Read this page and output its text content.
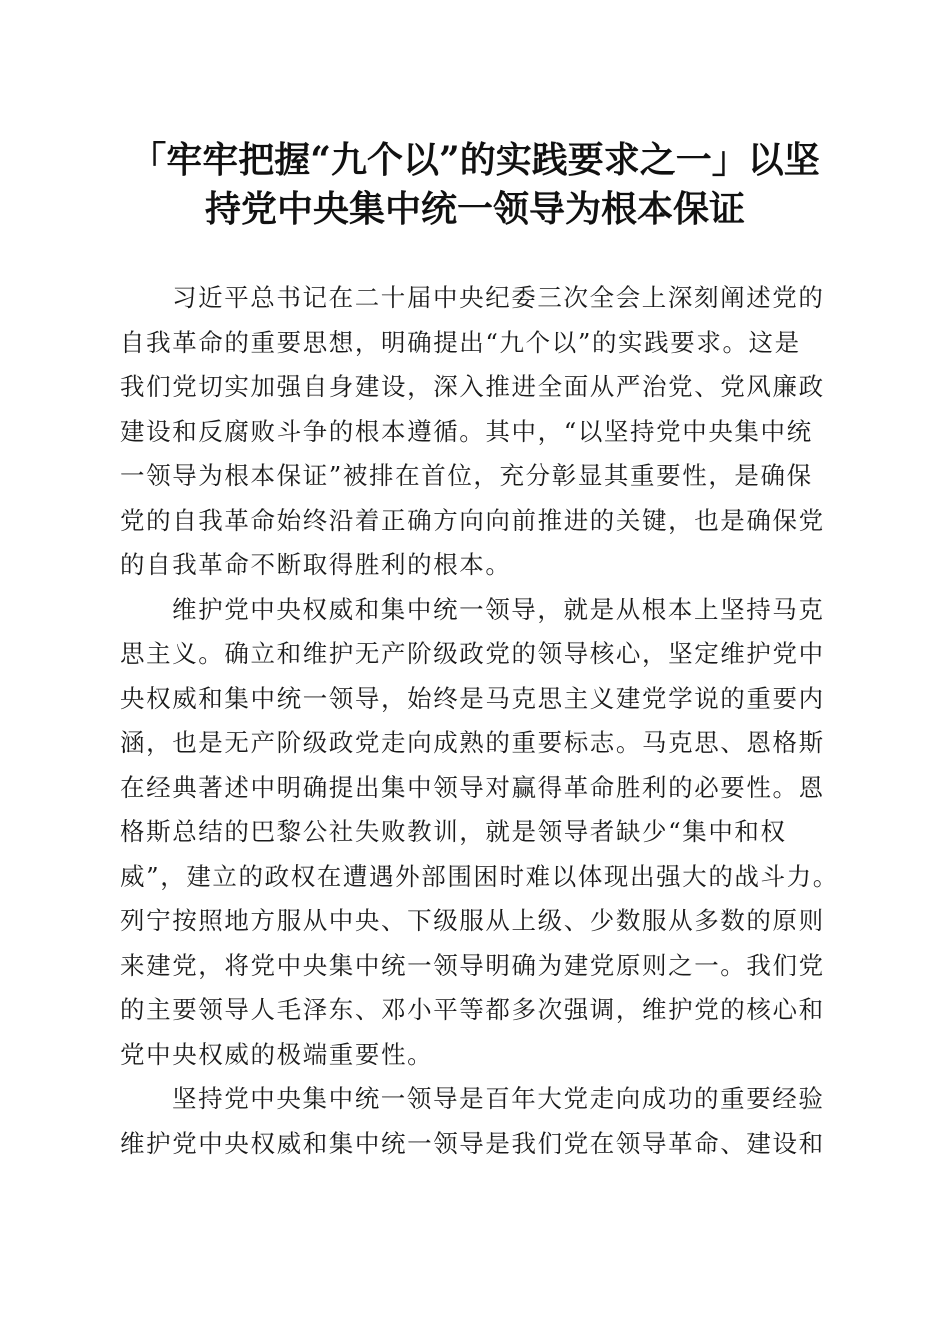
「牢牢把握“九个以”的实践要求之一」以坚
持党中央集中统一领导为根本保证
习近平总书记在二十届中央纪委三次全会上深刻阐述党的
自我革命的重要思想，明确提出“九个以”的实践要求。这是
我们党切实加强自身建设，深入推进全面从严治党、党风廉政
建设和反腐败斗争的根本遵循。其中，“以坚持党中央集中统
一领导为根本保证”被排在首位，充分彰显其重要性，是确保
党的自我革命始终沿着正确方向向前推进的关键，也是确保党
的自我革命不断取得胜利的根本。
维护党中央权威和集中统一领导，就是从根本上坚持马克
思主义。确立和维护无产阶级政党的领导核心，坚定维护党中
央权威和集中统一领导，始终是马克思主义建党学说的重要内
涵，也是无产阶级政党走向成熟的重要标志。马克思、恩格斯
在经典著述中明确提出集中领导对赢得革命胜利的必要性。恩
格斯总结的巴黎公社失败教训，就是领导者缺少“集中和权
威”，建立的政权在遭遇外部围困时难以体现出强大的战斗力。
列宁按照地方服从中央、下级服从上级、少数服从多数的原则
来建党，将党中央集中统一领导明确为建党原则之一。我们党
的主要领导人毛泽东、邓小平等都多次强调，维护党的核心和
党中央权威的极端重要性。
坚持党中央集中统一领导是百年大党走向成功的重要经验
维护党中央权威和集中统一领导是我们党在领导革命、建设和
